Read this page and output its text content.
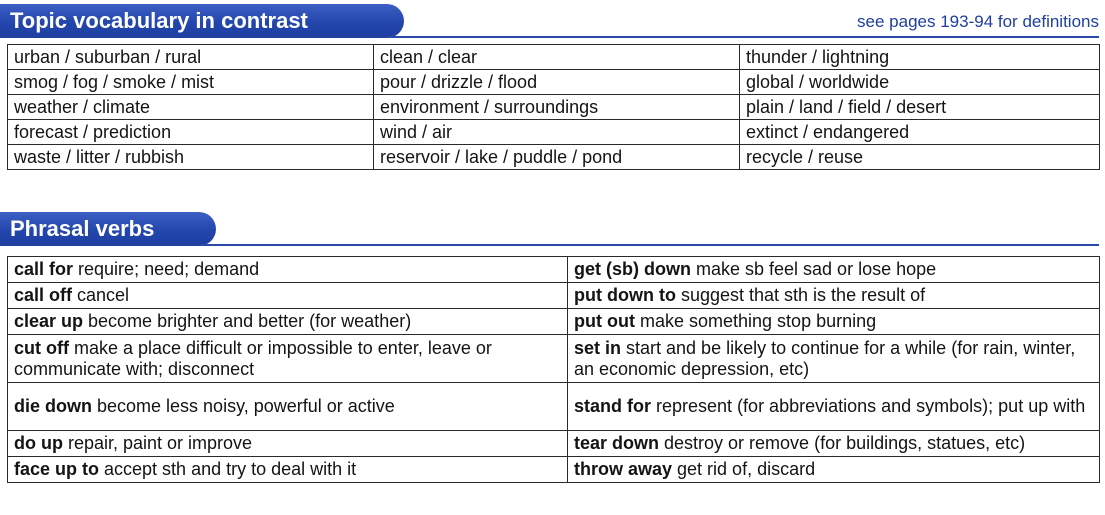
Topic vocabulary in contrast	see pages 193-94 for definitions
urban / suburban / rural	clean / clear	thunder / lightning
smog / fog / smoke / mist	pour / drizzle / flood	global / worldwide
weather / climate	environment / surroundings	plain / land / field / desert
forecast / prediction	wind / air	extinct / endangered
waste / litter / rubbish	reservoir / lake / puddle / pond	recycle / reuse
Phrasal verbs
call for require; need; demand	get (sb) down make sb feel sad or lose hope
call off cancel	put down to suggest that sth is the result of
clear up become brighter and better (for weather)	put out make something stop burning
cut off make a place difficult or impossible to enter, leave or communicate with; disconnect	set in start and be likely to continue for a while (for rain, winter, an economic depression, etc)
die down become less noisy, powerful or active	stand for represent (for abbreviations and symbols); put up with
do up repair, paint or improve	tear down destroy or remove (for buildings, statues, etc)
face up to accept sth and try to deal with it	throw away get rid of, discard
